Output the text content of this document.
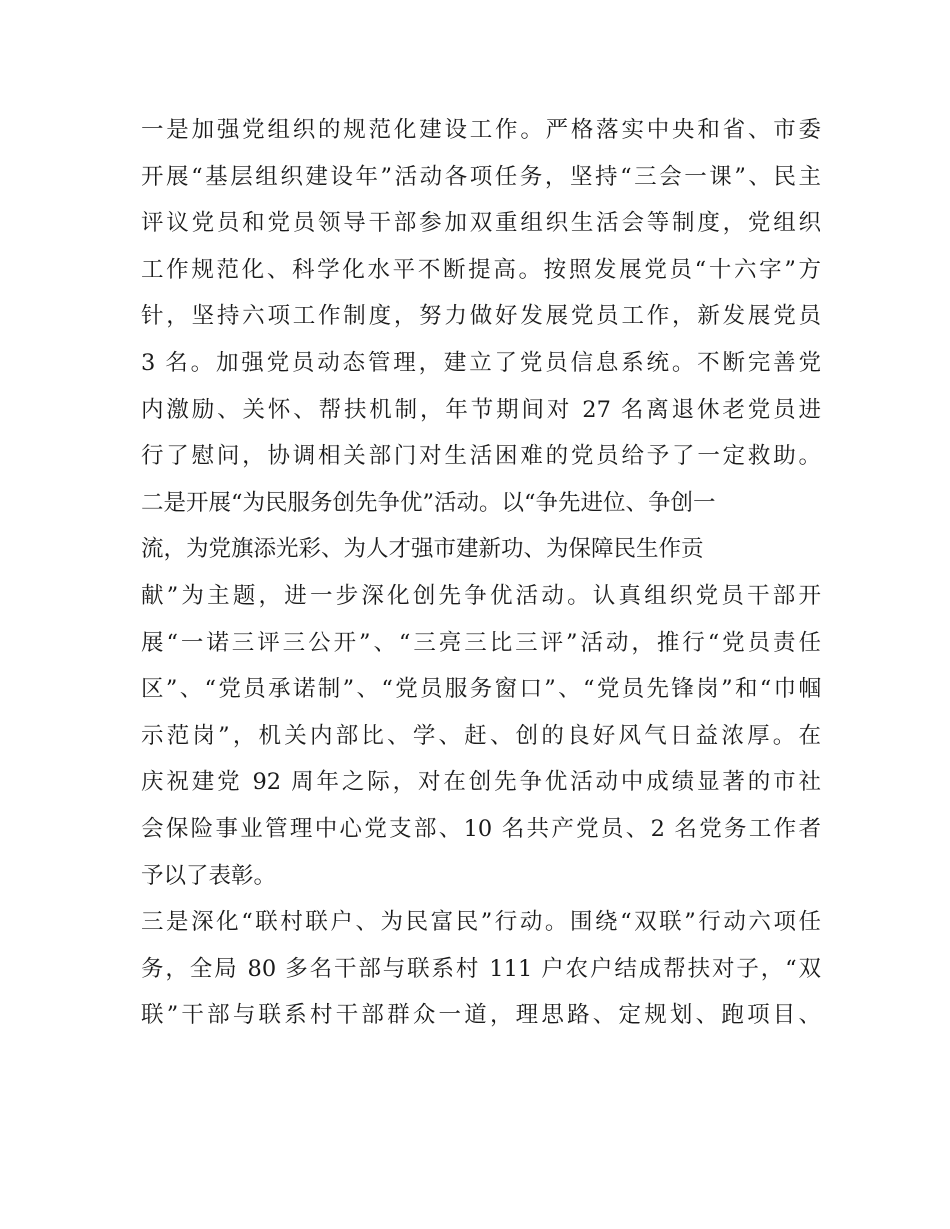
一是加强党组织的规范化建设工作。严格落实中央和省、市委
开展“基层组织建设年”活动各项任务，坚持“三会一课”、民主
评议党员和党员领导干部参加双重组织生活会等制度，党组织
工作规范化、科学化水平不断提高。按照发展党员“十六字”方
针，坚持六项工作制度，努力做好发展党员工作，新发展党员
3 名。加强党员动态管理，建立了党员信息系统。不断完善党
内激励、关怀、帮扶机制，年节期间对 27 名离退休老党员进
行了慰问，协调相关部门对生活困难的党员给予了一定救助。
二是开展“为民服务创先争优”活动。以“争先进位、争创一
流，为党旗添光彩、为人才强市建新功、为保障民生作贡
献”为主题，进一步深化创先争优活动。认真组织党员干部开
展“一诺三评三公开”、“三亮三比三评”活动，推行“党员责任
区”、“党员承诺制”、“党员服务窗口”、“党员先锋岗”和“巾帼
示范岗”，机关内部比、学、赶、创的良好风气日益浓厚。在
庆祝建党 92 周年之际，对在创先争优活动中成绩显著的市社
会保险事业管理中心党支部、10 名共产党员、2 名党务工作者
予以了表彰。
三是深化“联村联户、为民富民”行动。围绕“双联”行动六项任
务，全局 80 多名干部与联系村 111 户农户结成帮扶对子，“双
联”干部与联系村干部群众一道，理思路、定规划、跑项目、
